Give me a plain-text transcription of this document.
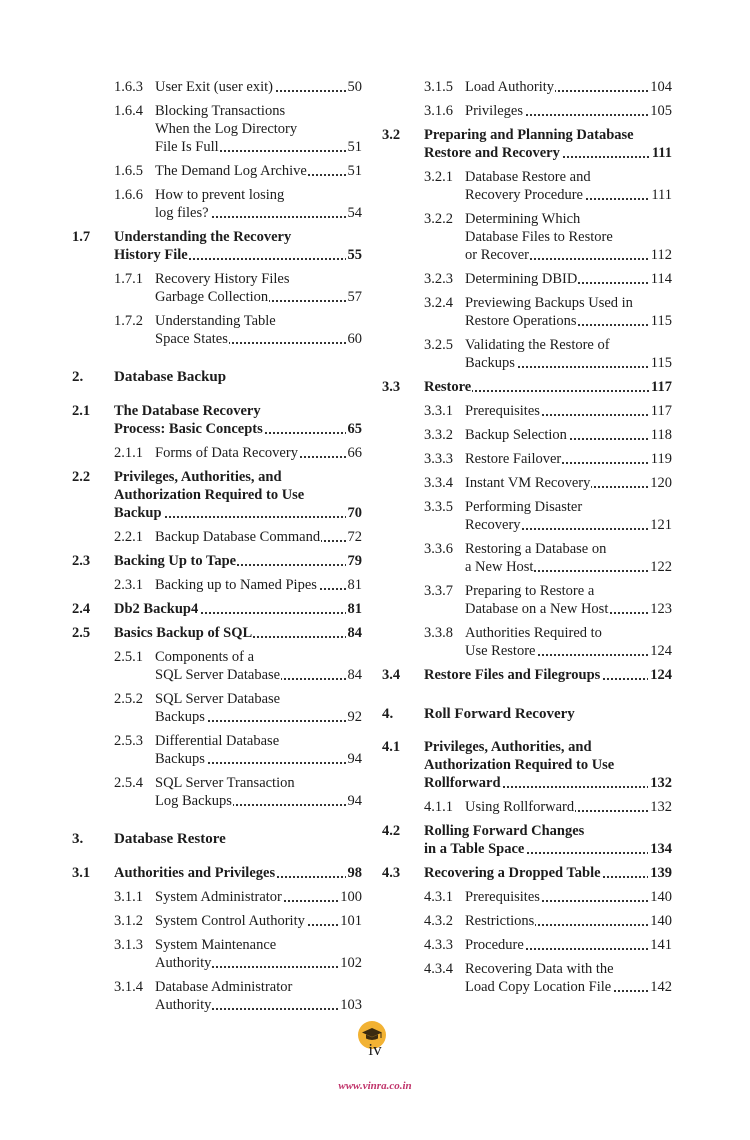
1.6.3 User Exit (user exit)	50
1.6.4 Blocking Transactions
When the Log Directory
File Is Full	51
1.6.5 The Demand Log Archive	51
1.6.6 How to prevent losing
log files?	54
1.7 Understanding the Recovery
History File	55
1.7.1 Recovery History Files
Garbage Collection	57
1.7.2 Understanding Table
Space States	60
2. Database Backup
2.1 The Database Recovery
Process: Basic Concepts	65
2.1.1 Forms of Data Recovery	66
2.2 Privileges, Authorities, and
Authorization Required to Use
Backup	70
2.2.1 Backup Database Command 72
2.3 Backing Up to Tape	79
2.3.1 Backing up to Named Pipes 81
2.4 Db2 Backup4	81
2.5 Basics Backup of SQL	84
2.5.1 Components of a
SQL Server Database	84
2.5.2 SQL Server Database
Backups	92
2.5.3 Differential Database
Backups	94
2.5.4 SQL Server Transaction
Log Backups	94
3. Database Restore
3.1 Authorities and Privileges	98
3.1.1 System Administrator	100
3.1.2 System Control Authority 101
3.1.3 System Maintenance
Authority	102
3.1.4 Database Administrator
Authority	103
3.1.5 Load Authority	104
3.1.6 Privileges	105
3.2 Preparing and Planning Database
Restore and Recovery	111
3.2.1 Database Restore and
Recovery Procedure	111
3.2.2 Determining Which
Database Files to Restore
or Recover	112
3.2.3 Determining DBID	114
3.2.4 Previewing Backups Used in
Restore Operations	115
3.2.5 Validating the Restore of
Backups	115
3.3 Restore	117
3.3.1 Prerequisites	117
3.3.2 Backup Selection	118
3.3.3 Restore Failover	119
3.3.4 Instant VM Recovery	120
3.3.5 Performing Disaster
Recovery	121
3.3.6 Restoring a Database on
a New Host	122
3.3.7 Preparing to Restore a
Database on a New Host	123
3.3.8 Authorities Required to
Use Restore	124
3.4 Restore Files and Filegroups	124
4. Roll Forward Recovery
4.1 Privileges, Authorities, and
Authorization Required to Use
Rollforward	132
4.1.1 Using Rollforward	132
4.2 Rolling Forward Changes
in a Table Space	134
4.3 Recovering a Dropped Table	139
4.3.1 Prerequisites	140
4.3.2 Restrictions	140
4.3.3 Procedure	141
4.3.4 Recovering Data with the
Load Copy Location File	142
iv
www.vinra.co.in
